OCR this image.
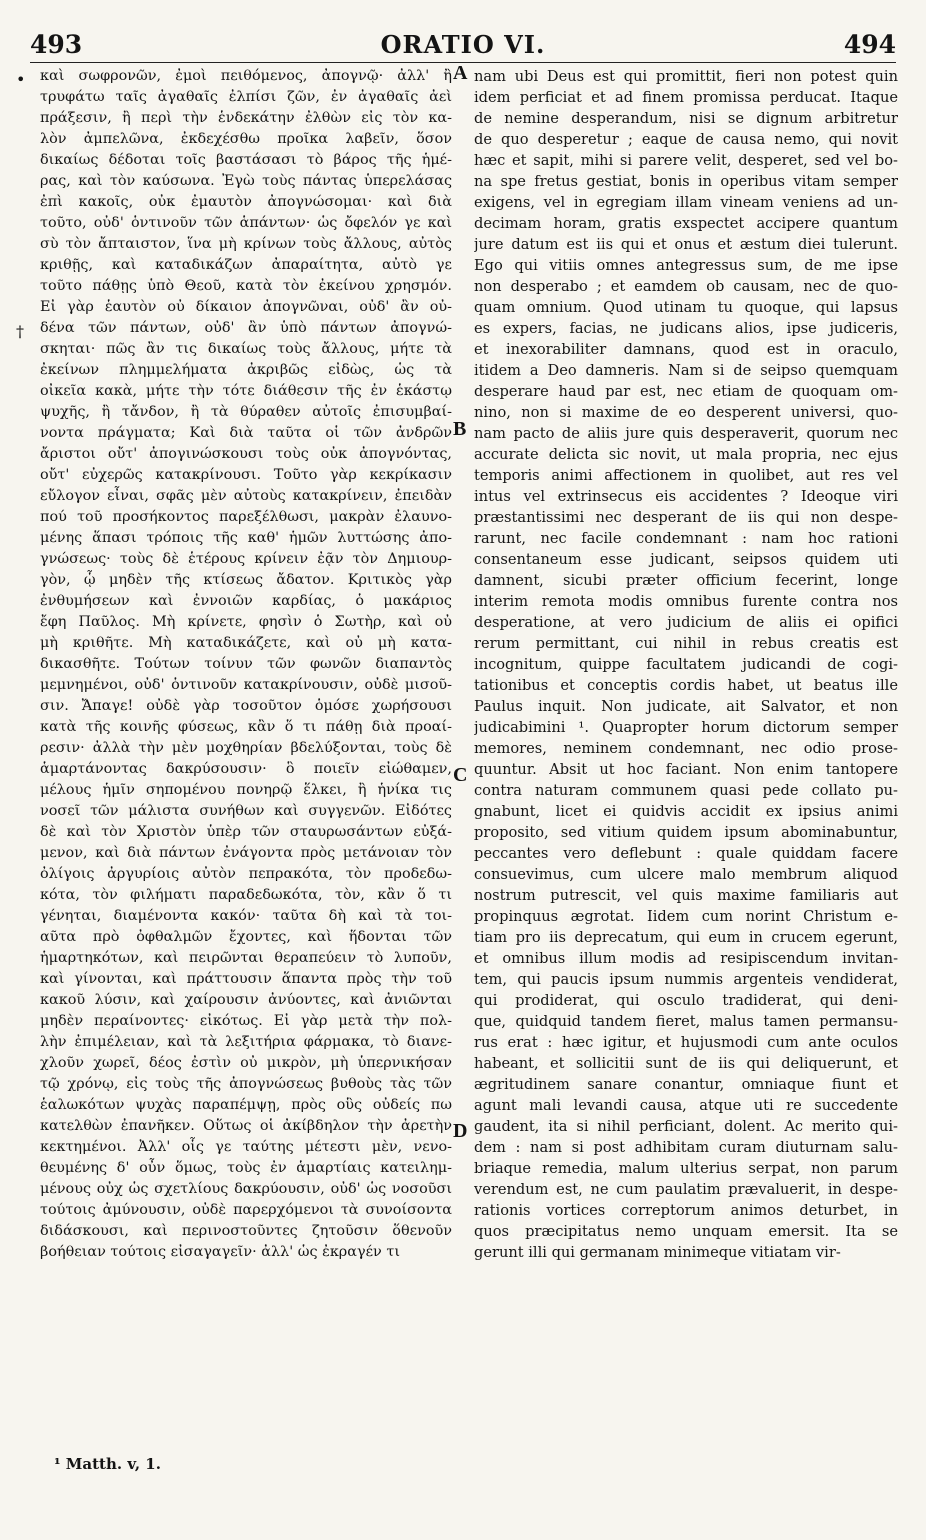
493	ORATIO VI.	494
•
†
καὶ σωφρονῶν, ἐμοὶ πειθόμενος, ἀπογνῷ· ἀλλ' ἢ
τρυφάτω ταῖς ἀγαθαῖς ἐλπίσι ζῶν, ἐν ἀγαθαῖς ἀεὶ
πράξεσιν, ἢ περὶ τὴν ἑνδεκάτην ἐλθὼν εἰς τὸν κα-
λὸν ἀμπελῶνα, ἐκδεχέσθω προῖκα λαβεῖν, ὅσον
δικαίως δέδοται τοῖς βαστάσασι τὸ βάρος τῆς ἡμέ-
ρας, καὶ τὸν καύσωνα. Ἐγὼ τοὺς πάντας ὑπερελάσας
ἐπὶ κακοῖς, οὐκ ἐμαυτὸν ἀπογνώσομαι· καὶ διὰ
τοῦτο, οὐδ' ὁντινοῦν τῶν ἁπάντων· ὡς ὄφελόν γε καὶ
σὺ τὸν ἄπταιστον, ἵνα μὴ κρίνων τοὺς ἄλλους, αὐτὸς
κριθῇς, καὶ καταδικάζων ἀπαραίτητα, αὐτὸ γε
τοῦτο πάθῃς ὑπὸ Θεοῦ, κατὰ τὸν ἐκείνου χρησμόν.
Εἰ γὰρ ἑαυτὸν οὐ δίκαιον ἀπογνῶναι, οὐδ' ἂν οὐ-
δένα τῶν πάντων, οὐδ' ἂν ὑπὸ πάντων ἀπογνώ-
σκηται· πῶς ἂν τις δικαίως τοὺς ἄλλους, μήτε τὰ
ἐκείνων πλημμελήματα ἀκριβῶς εἰδὼς, ὡς τὰ
οἰκεῖα κακὰ, μήτε τὴν τότε διάθεσιν τῆς ἐν ἑκάστῳ
ψυχῆς, ἢ τἄνδον, ἢ τὰ θύραθεν αὐτοῖς ἐπισυμβαί-
νοντα πράγματα; Καὶ διὰ ταῦτα οἱ τῶν ἀνδρῶν
ἄριστοι οὔτ' ἀπογινώσκουσι τοὺς οὐκ ἀπογνόντας,
οὔτ' εὐχερῶς κατακρίνουσι. Τοῦτο γὰρ κεκρίκασιν
εὔλογον εἶναι, σφᾶς μὲν αὐτοὺς κατακρίνειν, ἐπειδὰν
πού τοῦ προσήκοντος παρεξέλθωσι, μακρὰν ἐλαυνο-
μένης ἅπασι τρόποις τῆς καθ' ἡμῶν λυττώσης ἀπο-
γνώσεως· τοὺς δὲ ἑτέρους κρίνειν ἐᾷν τὸν Δημιουρ-
γὸν, ᾧ μηδὲν τῆς κτίσεως ἄδατον. Κριτικὸς γὰρ
ἐνθυμήσεων καὶ ἐννοιῶν καρδίας, ὁ μακάριος
ἔφη Παῦλος. Μὴ κρίνετε, φησὶν ὁ Σωτὴρ, καὶ οὐ
μὴ κριθῆτε. Μὴ καταδικάζετε, καὶ οὐ μὴ κατα-
δικασθῆτε. Τούτων τοίνυν τῶν φωνῶν διαπαντὸς
μεμνημένοι, οὐδ' ὁντινοῦν κατακρίνουσιν, οὐδὲ μισοῦ-
σιν. Ἄπαγε! οὐδὲ γὰρ τοσοῦτον ὁμόσε χωρήσουσι
κατὰ τῆς κοινῆς φύσεως, κἂν ὅ τι πάθῃ διὰ προαί-
ρεσιν· ἀλλὰ τὴν μὲν μοχθηρίαν βδελύξονται, τοὺς δὲ
ἁμαρτάνοντας δακρύσουσιν· ὃ ποιεῖν εἰώθαμεν,
μέλους ἡμῖν σηπομένου πονηρῷ ἕλκει, ἢ ἡνίκα τις
νοσεῖ τῶν μάλιστα συνήθων καὶ συγγενῶν. Εἰδότες
δὲ καὶ τὸν Χριστὸν ὑπὲρ τῶν σταυρωσάντων εὐξά-
μενον, καὶ διὰ πάντων ἐνάγοντα πρὸς μετάνοιαν τὸν
ὀλίγοις ἀργυρίοις αὐτὸν πεπρακότα, τὸν προδεδω-
κότα, τὸν φιλήματι παραδεδωκότα, τὸν, κἂν ὅ τι
γένηται, διαμένοντα κακόν· ταῦτα δὴ καὶ τὰ τοι-
αῦτα πρὸ ὀφθαλμῶν ἔχοντες, καὶ ἥδονται τῶν
ἡμαρτηκότων, καὶ πειρῶνται θεραπεύειν τὸ λυποῦν,
καὶ γίνονται, καὶ πράττουσιν ἅπαντα πρὸς τὴν τοῦ
κακοῦ λύσιν, καὶ χαίρουσιν ἀνύοντες, καὶ ἀνιῶνται
μηδὲν περαίνοντες· εἰκότως. Εἰ γὰρ μετὰ τὴν πολ-
λὴν ἐπιμέλειαν, καὶ τὰ λεξιτήρια φάρμακα, τὸ διανε-
χλοῦν χωρεῖ, δέος ἐστὶν οὐ μικρὸν, μὴ ὑπερνικήσαν
τῷ χρόνῳ, εἰς τοὺς τῆς ἀπογνώσεως βυθοὺς τὰς τῶν
ἑαλωκότων ψυχὰς παραπέμψῃ, πρὸς οὓς οὐδείς πω
κατελθὼν ἐπανῆκεν. Οὕτως οἱ ἀκίβδηλον τὴν ἀρετὴν
κεκτημένοι. Ἀλλ' οἷς γε ταύτης μέτεστι μὲν, νενο-
θευμένης δ' οὖν ὅμως, τοὺς ἐν ἁμαρτίαις κατειλημ-
μένους οὐχ ὡς σχετλίους δακρύουσιν, οὐδ' ὡς νοσοῦσι
τούτοις ἀμύνουσιν, οὐδὲ παρερχόμενοι τὰ συνοίσοντα
διδάσκουσι, καὶ περινοστοῦντες ζητοῦσιν ὅθενοῦν
βοήθειαν τούτοις εἰσαγαγεῖν· ἀλλ' ὡς ἐκραγέν τι
A
B
C
D
nam ubi Deus est qui promittit, fieri non potest quin
idem perficiat et ad finem promissa perducat. Itaque
de nemine desperandum, nisi se dignum arbitretur
de quo desperetur ; eaque de causa nemo, qui novit
hæc et sapit, mihi si parere velit, desperet, sed vel bo-
na spe fretus gestiat, bonis in operibus vitam semper
exigens, vel in egregiam illam vineam veniens ad un-
decimam horam, gratis exspectet accipere quantum
jure datum est iis qui et onus et æstum diei tulerunt.
Ego qui vitiis omnes antegressus sum, de me ipse
non desperabo ; et eamdem ob causam, nec de quo-
quam omnium. Quod utinam tu quoque, qui lapsus
es expers, facias, ne judicans alios, ipse judiceris,
et inexorabiliter damnans, quod est in oraculo,
itidem a Deo damneris. Nam si de seipso quemquam
desperare haud par est, nec etiam de quoquam om-
nino, non si maxime de eo desperent universi, quo-
nam pacto de aliis jure quis desperaverit, quorum nec
accurate delicta sic novit, ut mala propria, nec ejus
temporis animi affectionem in quolibet, aut res vel
intus vel extrinsecus eis accidentes ? Ideoque viri
præstantissimi nec desperant de iis qui non despe-
rarunt, nec facile condemnant : nam hoc rationi
consentaneum esse judicant, seipsos quidem uti
damnent, sicubi præter officium fecerint, longe
interim remota modis omnibus furente contra nos
desperatione, at vero judicium de aliis ei opifici
rerum permittant, cui nihil in rebus creatis est
incognitum, quippe facultatem judicandi de cogi-
tationibus et conceptis cordis habet, ut beatus ille
Paulus inquit. Non judicate, ait Salvator, et non
judicabimini ¹. Quapropter horum dictorum semper
memores, neminem condemnant, nec odio prose-
quuntur. Absit ut hoc faciant. Non enim tantopere
contra naturam communem quasi pede collato pu-
gnabunt, licet ei quidvis accidit ex ipsius animi
proposito, sed vitium quidem ipsum abominabuntur,
peccantes vero deflebunt : quale quiddam facere
consuevimus, cum ulcere malo membrum aliquod
nostrum putrescit, vel quis maxime familiaris aut
propinquus ægrotat. Iidem cum norint Christum e-
tiam pro iis deprecatum, qui eum in crucem egerunt,
et omnibus illum modis ad resipiscendum invitan-
tem, qui paucis ipsum nummis argenteis vendiderat,
qui prodiderat, qui osculo tradiderat, qui deni-
que, quidquid tandem fieret, malus tamen permansu-
rus erat : hæc igitur, et hujusmodi cum ante oculos
habeant, et sollicitii sunt de iis qui deliquerunt, et
ægritudinem sanare conantur, omniaque fiunt et
agunt mali levandi causa, atque uti re succedente
gaudent, ita si nihil perficiant, dolent. Ac merito qui-
dem : nam si post adhibitam curam diuturnam salu-
briaque remedia, malum ulterius serpat, non parum
verendum est, ne cum paulatim prævaluerit, in despe-
rationis vortices correptorum animos deturbet, in
quos præcipitatus nemo unquam emersit. Ita se
gerunt illi qui germanam minimeque vitiatam vir-
¹ Matth. v, 1.
